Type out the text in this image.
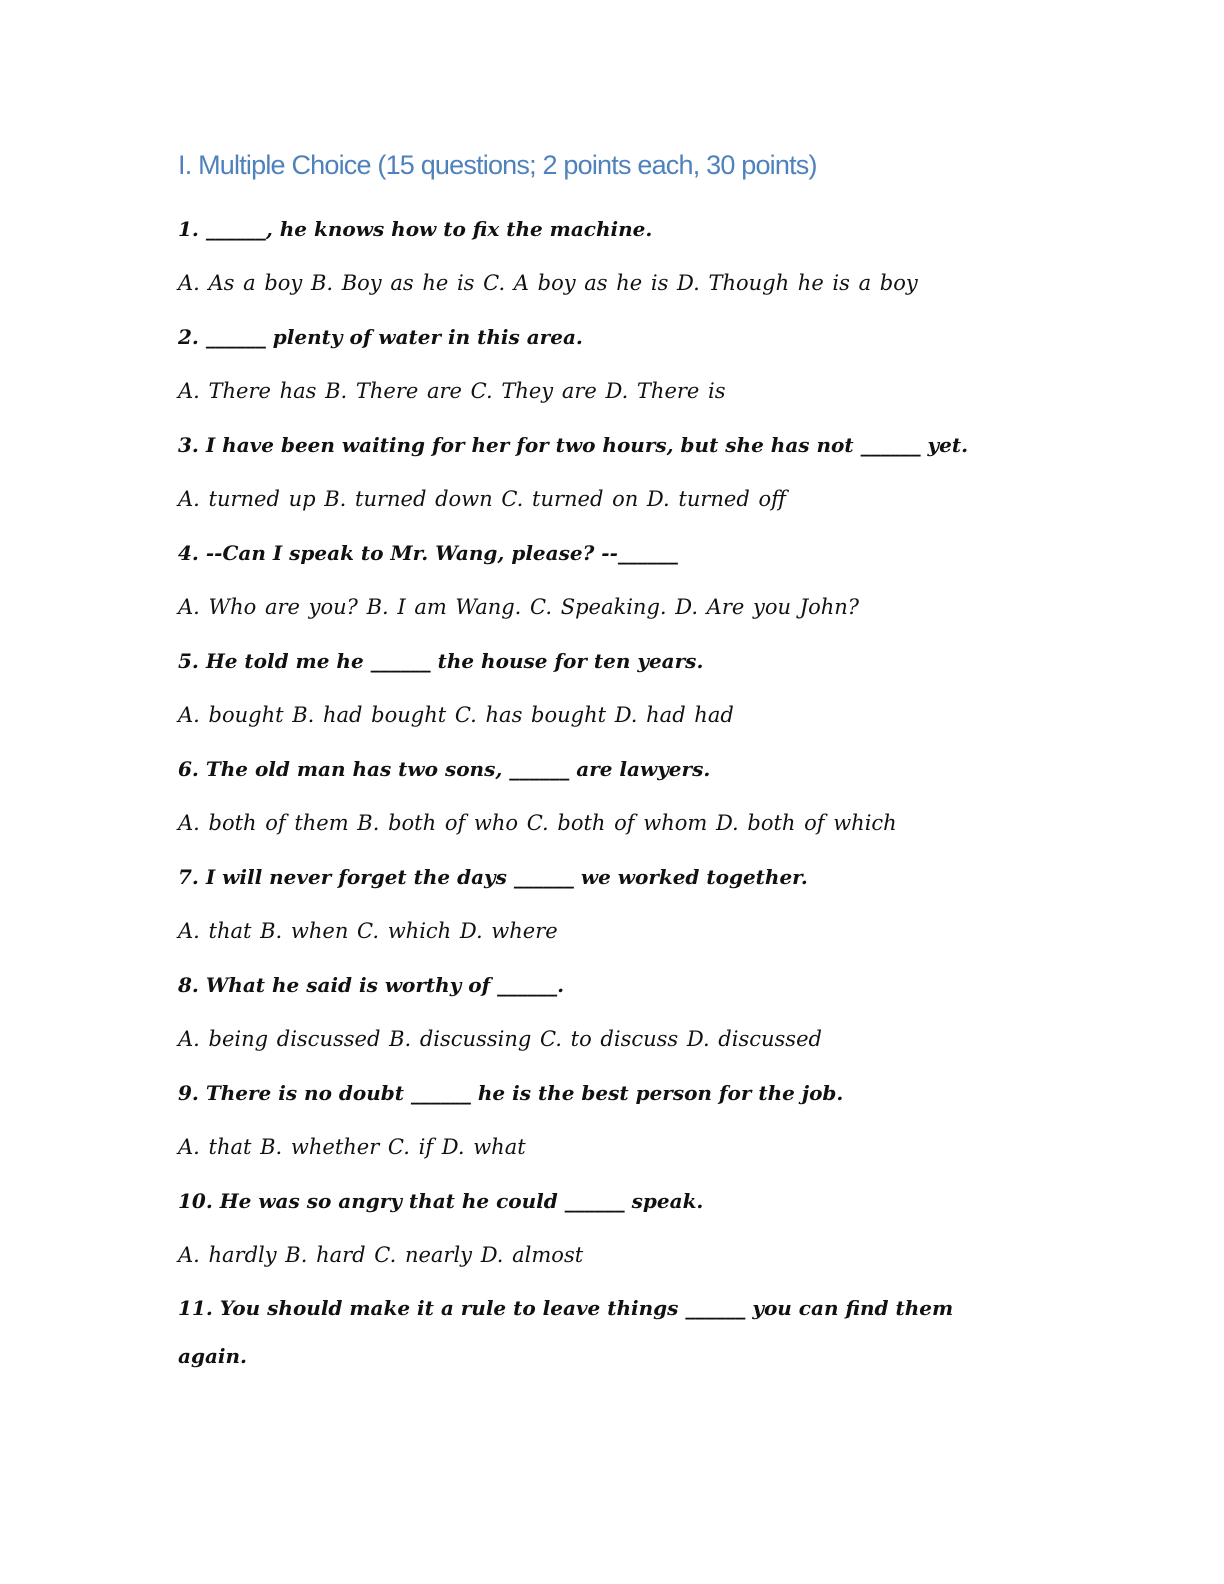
I. Multiple Choice (15 questions; 2 points each, 30 points)

1. ______, he knows how to fix the machine.

A. As a boy B. Boy as he is C. A boy as he is D. Though he is a boy

2. ______ plenty of water in this area.

A. There has B. There are C. They are D. There is

3. I have been waiting for her for two hours, but she has not ______ yet.

A. turned up B. turned down C. turned on D. turned off

4. --Can I speak to Mr. Wang, please? --______

A. Who are you? B. I am Wang. C. Speaking. D. Are you John?

5. He told me he ______ the house for ten years.

A. bought B. had bought C. has bought D. had had

6. The old man has two sons, ______ are lawyers.

A. both of them B. both of who C. both of whom D. both of which

7. I will never forget the days ______ we worked together.

A. that B. when C. which D. where

8. What he said is worthy of ______.

A. being discussed B. discussing C. to discuss D. discussed

9. There is no doubt ______ he is the best person for the job.

A. that B. whether C. if D. what

10. He was so angry that he could ______ speak.

A. hardly B. hard C. nearly D. almost

11. You should make it a rule to leave things ______ you can find them again.
